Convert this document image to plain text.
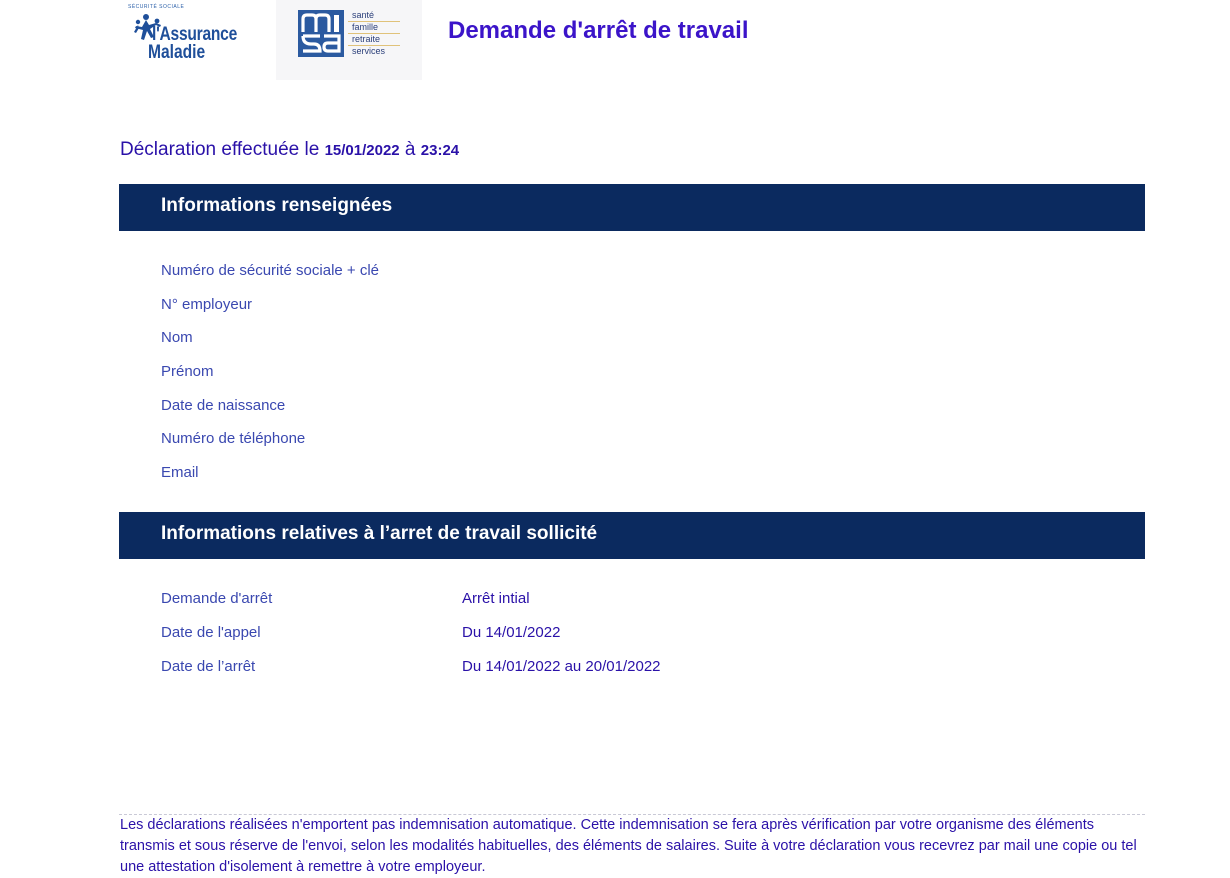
SÉCURITÉ SOCIALE
l'Assurance
Maladie
santé
famille
retraite
services
Demande d'arrêt de travail
Déclaration effectuée le 15/01/2022 à 23:24
Informations renseignées
Numéro de sécurité sociale + clé
N° employeur
Nom
Prénom
Date de naissance
Numéro de téléphone
Email
Informations relatives à l’arret de travail sollicité
Demande d'arrêt	Arrêt intial
Date de l'appel	Du 14/01/2022
Date de l’arrêt	Du 14/01/2022 au 20/01/2022
Les déclarations réalisées n'emportent pas indemnisation automatique. Cette indemnisation se fera après vérification par votre organisme des éléments transmis et sous réserve de l'envoi, selon les modalités habituelles, des éléments de salaires. Suite à votre déclaration vous recevrez par mail une copie ou tel une attestation d'isolement à remettre à votre employeur.
